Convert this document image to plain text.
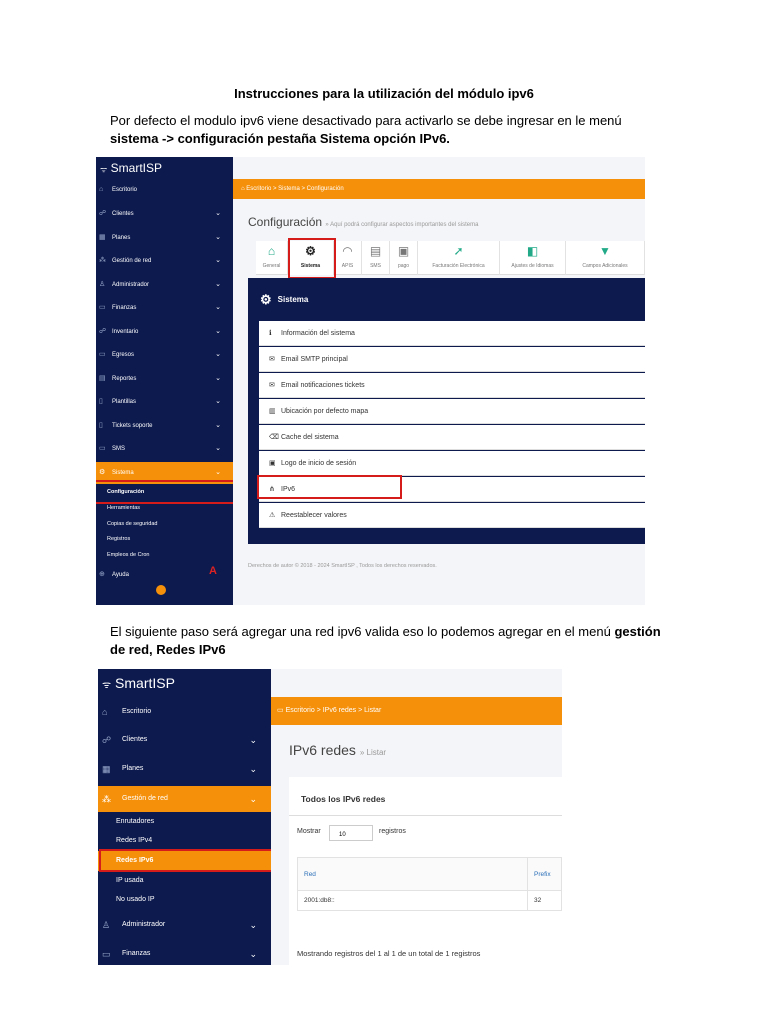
Instrucciones para la utilización del módulo ipv6
Por defecto el modulo ipv6 viene desactivado para activarlo se debe ingresar en le menú sistema -> configuración pestaña Sistema opción IPv6.
ᯤ SmartISP
⌂ Escritorio
☍ Clientes	⌄
▦ Planes	⌄
⁂ Gestión de red	⌄
♙ Administrador	⌄
▭ Finanzas	⌄
☍ Inventario	⌄
▭ Egresos	⌄
▤ Reportes	⌄
▯ Plantillas	⌄
▯ Tickets soporte	⌄
▭ SMS	⌄
⚙ Sistema	⌄
Configuración
Herramientas
Copias de seguridad
Registros
Empleos de Cron
⊕ Ayuda	A
⌂ Escritorio > Sistema > Configuración
Configuración » Aquí podrá configurar aspectos importantes del sistema
⌂
General
⚙
Sistema
◠
APIS
▤
SMS
▣
pago
➚
Facturación Electrónica
◧
Ajustes de Idiomas
▼
Campos Adicionales
⚙ Sistema
ℹ Información del sistema
✉ Email SMTP principal
✉ Email notificaciones tickets
▥ Ubicación por defecto mapa
⌫ Cache del sistema
▣ Logo de inicio de sesión
⋔ IPv6
⚠ Reestablecer valores
Derechos de autor © 2018 - 2024 SmartISP , Todos los derechos reservados.
El siguiente paso será agregar una red ipv6 valida eso lo podemos agregar en el menú gestión de red, Redes IPv6
ᯤ SmartISP
⌂ Escritorio
☍ Clientes	⌄
▦ Planes	⌄
⁂ Gestión de red	⌄
Enrutadores
Redes IPv4
Redes IPv6
IP usada
No usado IP
♙ Administrador	⌄
▭ Finanzas	⌄
▭ Escritorio > IPv6 redes > Listar
IPv6 redes » Listar
Todos los IPv6 redes
Mostrar	10	registros
Red	Prefix
2001:db8::	32
Mostrando registros del 1 al 1 de un total de 1 registros
